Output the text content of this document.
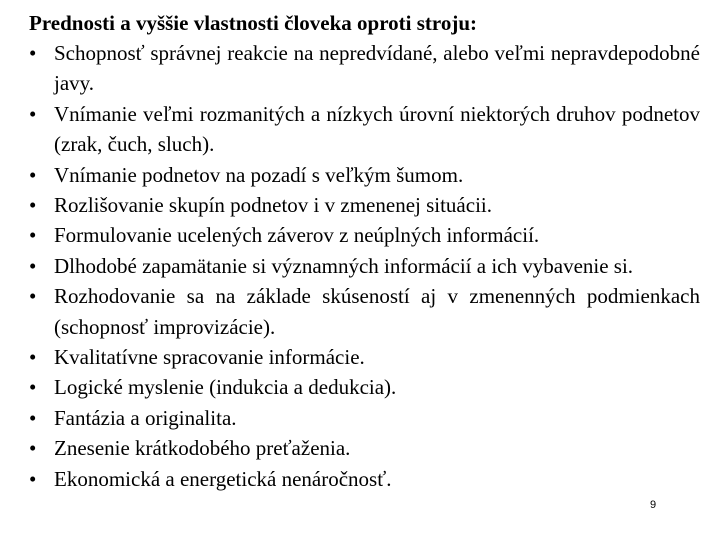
Prednosti a vyššie vlastnosti človeka oproti stroju:
• Schopnosť správnej reakcie na nepredvídané, alebo veľmi nepravdepodobné javy.
• Vnímanie veľmi rozmanitých a nízkych úrovní niektorých druhov podnetov (zrak, čuch, sluch).
• Vnímanie podnetov na pozadí s veľkým šumom.
• Rozlišovanie skupín podnetov i v zmenenej situácii.
• Formulovanie ucelených záverov z neúplných informácií.
• Dlhodobé zapamätanie si významných informácií a ich vybavenie si.
• Rozhodovanie sa na základe skúseností aj v zmenenných podmienkach (schopnosť improvizácie).
• Kvalitatívne spracovanie informácie.
• Logické myslenie (indukcia a dedukcia).
• Fantázia a originalita.
• Znesenie krátkodobého preťaženia.
• Ekonomická a energetická nenáročnosť.
9
